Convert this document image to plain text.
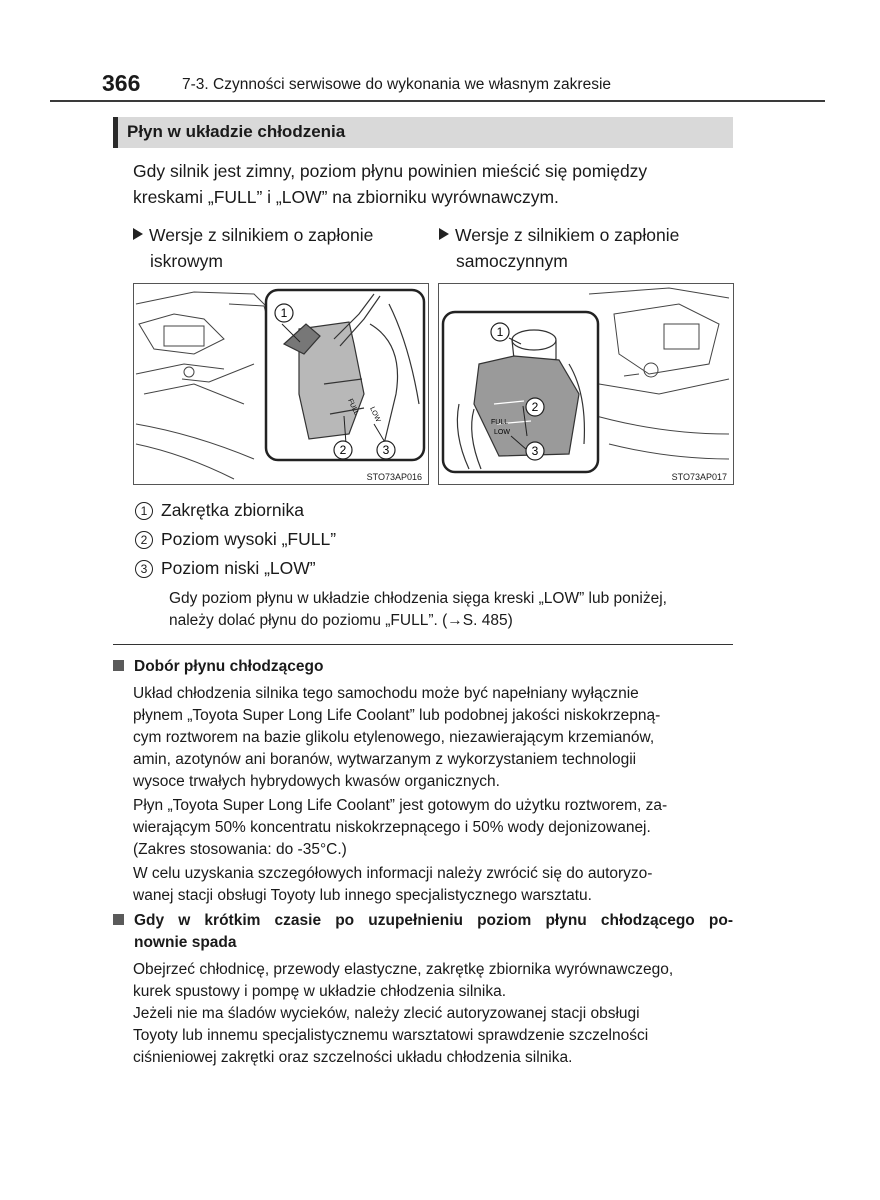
366	7-3. Czynności serwisowe do wykonania we własnym zakresie
Płyn w układzie chłodzenia
Gdy silnik jest zimny, poziom płynu powinien mieścić się pomiędzy
kreskami „FULL” i „LOW” na zbiorniku wyrównawczym.
Wersje z silnikiem o zapłonie
iskrowym
Wersje z silnikiem o zapłonie
samoczynnym
FULL LOW
1
2	3
STO73AP016
FULL
LOW
1
2
3
STO73AP017
1 Zakrętka zbiornika
2 Poziom wysoki „FULL”
3 Poziom niski „LOW”
Gdy poziom płynu w układzie chłodzenia sięga kreski „LOW” lub poniżej,
należy dolać płynu do poziomu „FULL”. (→S. 485)
Dobór płynu chłodzącego
Układ chłodzenia silnika tego samochodu może być napełniany wyłącznie
płynem „Toyota Super Long Life Coolant” lub podobnej jakości niskokrzepną-
cym roztworem na bazie glikolu etylenowego, niezawierającym krzemianów,
amin, azotynów ani boranów, wytwarzanym z wykorzystaniem technologii
wysoce trwałych hybrydowych kwasów organicznych.
Płyn „Toyota Super Long Life Coolant” jest gotowym do użytku roztworem, za-
wierającym 50% koncentratu niskokrzepnącego i 50% wody dejonizowanej.
(Zakres stosowania: do -35°C.)
W celu uzyskania szczegółowych informacji należy zwrócić się do autoryzo-
wanej stacji obsługi Toyoty lub innego specjalistycznego warsztatu.
Gdy w krótkim czasie po uzupełnieniu poziom płynu chłodzącego po-
nownie spada
Obejrzeć chłodnicę, przewody elastyczne, zakrętkę zbiornika wyrównawczego,
kurek spustowy i pompę w układzie chłodzenia silnika.
Jeżeli nie ma śladów wycieków, należy zlecić autoryzowanej stacji obsługi
Toyoty lub innemu specjalistycznemu warsztatowi sprawdzenie szczelności
ciśnieniowej zakrętki oraz szczelności układu chłodzenia silnika.
